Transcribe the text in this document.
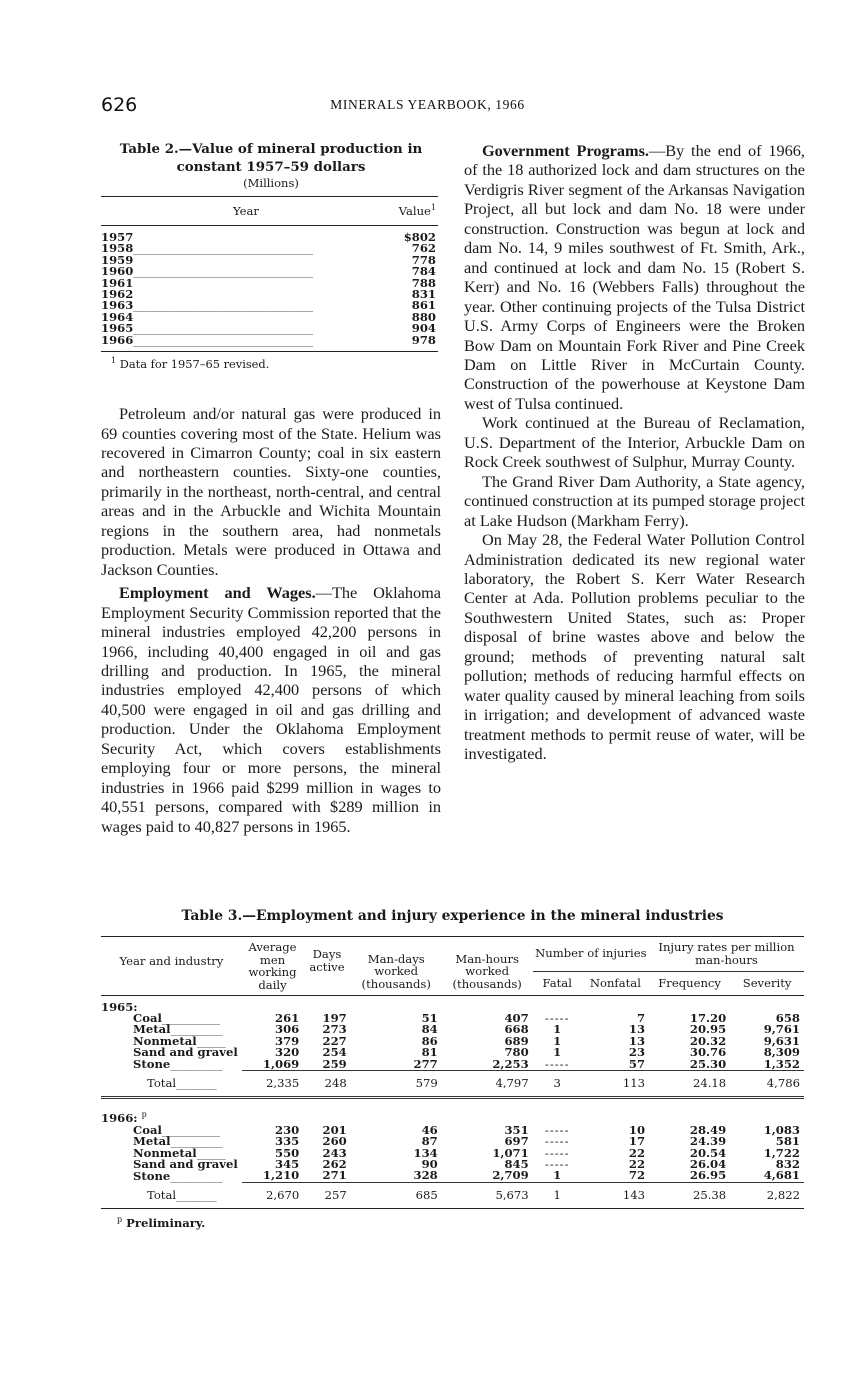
626	MINERALS YEARBOOK, 1966
Table 2.—Value of mineral production in
constant 1957–59 dollars
(Millions)
Year	Value$^1$
1957______________________________	$802
1958______________________________	762
1959______________________________	778
1960______________________________	784
1961______________________________	788
1962______________________________	831
1963______________________________	861
1964______________________________	880
1965______________________________	904
1966______________________________	978
$^1$ Data for 1957–65 revised.

Petroleum and/or natural gas were produced in 69 counties covering most of the State. Helium was recovered in Cimarron County; coal in six eastern and northeastern counties. Sixty-one counties, primarily in the northeast, north-central, and central areas and in the Arbuckle and Wichita Mountain regions in the southern area, had nonmetals production. Metals were produced in Ottawa and Jackson Counties.

Employment and Wages.—The Oklahoma Employment Security Commission reported that the mineral industries employed 42,200 persons in 1966, including 40,400 engaged in oil and gas drilling and production. In 1965, the mineral industries employed 42,400 persons of which 40,500 were engaged in oil and gas drilling and production. Under the Oklahoma Employment Security Act, which covers establishments employing four or more persons, the mineral industries in 1966 paid $299 million in wages to 40,551 persons, compared with $289 million in wages paid to 40,827 persons in 1965.

Government Programs.—By the end of 1966, of the 18 authorized lock and dam structures on the Verdigris River segment of the Arkansas Navigation Project, all but lock and dam No. 18 were under construction. Construction was begun at lock and dam No. 14, 9 miles southwest of Ft. Smith, Ark., and continued at lock and dam No. 15 (Robert S. Kerr) and No. 16 (Webbers Falls) throughout the year. Other continuing projects of the Tulsa District U.S. Army Corps of Engineers were the Broken Bow Dam on Mountain Fork River and Pine Creek Dam on Little River in McCurtain County. Construction of the powerhouse at Keystone Dam west of Tulsa continued.

Work continued at the Bureau of Reclamation, U.S. Department of the Interior, Arbuckle Dam on Rock Creek southwest of Sulphur, Murray County.

The Grand River Dam Authority, a State agency, continued construction at its pumped storage project at Lake Hudson (Markham Ferry).

On May 28, the Federal Water Pollution Control Administration dedicated its new regional water laboratory, the Robert S. Kerr Water Research Center at Ada. Pollution problems peculiar to the Southwestern United States, such as: Proper disposal of brine wastes above and below the ground; methods of preventing natural salt pollution; methods of reducing harmful effects on water quality caused by mineral leaching from soils in irrigation; and development of advanced waste treatment methods to permit reuse of water, will be investigated.

Table 3.—Employment and injury experience in the mineral industries
Year and industry	Average men working daily	Days active	Man-days worked (thousands)	Man-hours worked (thousands)	Number of injuries		Injury rates per million man-hours	
					Fatal	Nonfatal	Frequency	Severity
1965:								
Coal__________	261	197	51	407	-----	7	17.20	658
Metal_________	306	273	84	668	1	13	20.95	9,761
Nonmetal_____	379	227	86	689	1	13	20.32	9,631
Sand and gravel	320	254	81	780	1	23	30.76	8,309
Stone_________	1,069	259	277	2,253	-----	57	25.30	1,352
Total_______	2,335	248	579	4,797	3	113	24.18	4,786

1966: $^p$
Coal__________	230	201	46	351	-----	10	28.49	1,083
Metal_________	335	260	87	697	-----	17	24.39	581
Nonmetal_____	550	243	134	1,071	-----	22	20.54	1,722
Sand and gravel	345	262	90	845	-----	22	26.04	832
Stone_________	1,210	271	328	2,709	1	72	26.95	4,681
Total_______	2,670	257	685	5,673	1	143	25.38	2,822
$^p$ Preliminary.
